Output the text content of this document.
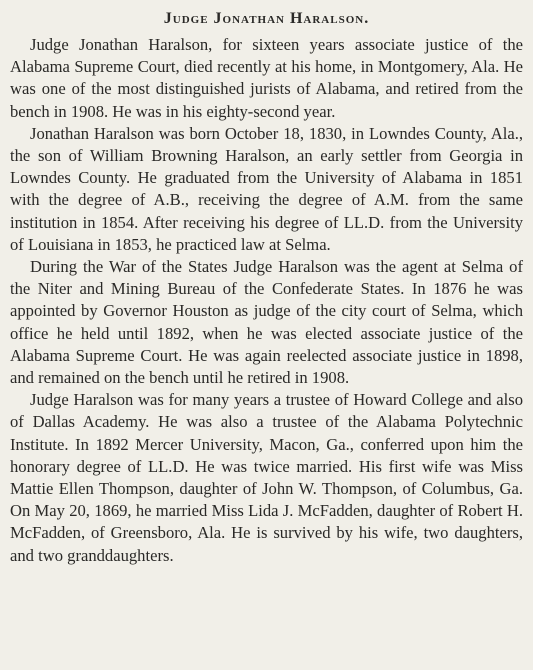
Judge Jonathan Haralson.

Judge Jonathan Haralson, for sixteen years associate justice of the Alabama Supreme Court, died recently at his home, in Montgomery, Ala. He was one of the most distinguished jurists of Alabama, and retired from the bench in 1908. He was in his eighty-second year.

Jonathan Haralson was born October 18, 1830, in Lowndes County, Ala., the son of William Browning Haralson, an early settler from Georgia in Lowndes County. He graduated from the University of Alabama in 1851 with the degree of A.B., receiving the degree of A.M. from the same institution in 1854. After receiving his degree of LL.D. from the University of Louisiana in 1853, he practiced law at Selma.

During the War of the States Judge Haralson was the agent at Selma of the Niter and Mining Bureau of the Confederate States. In 1876 he was appointed by Governor Houston as judge of the city court of Selma, which office he held until 1892, when he was elected associate justice of the Alabama Supreme Court. He was again reelected associate justice in 1898, and remained on the bench until he retired in 1908.

Judge Haralson was for many years a trustee of Howard College and also of Dallas Academy. He was also a trustee of the Alabama Polytechnic Institute. In 1892 Mercer University, Macon, Ga., conferred upon him the honorary degree of LL.D. He was twice married. His first wife was Miss Mattie Ellen Thompson, daughter of John W. Thompson, of Columbus, Ga. On May 20, 1869, he married Miss Lida J. McFadden, daughter of Robert H. McFadden, of Greensboro, Ala. He is survived by his wife, two daughters, and two granddaughters.
